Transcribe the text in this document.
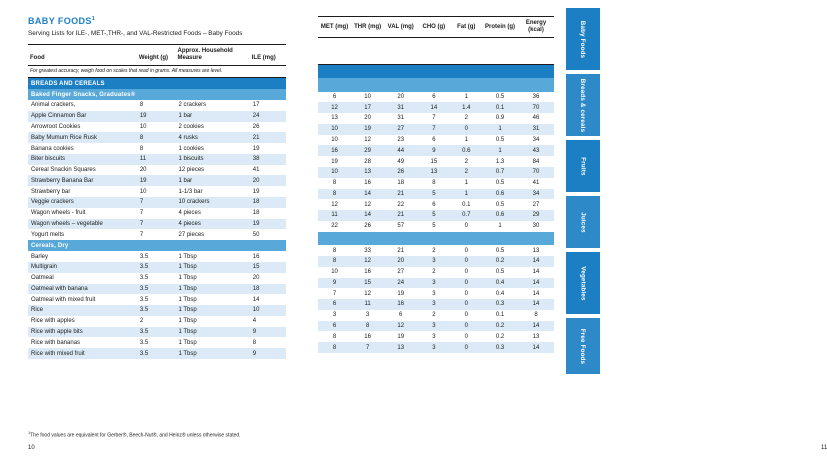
BABY FOODS$^1$
Serving Lists for ILE-, MET-,THR-, and VAL-Restricted Foods – Baby Foods
Food	Weight (g)	Approx. Household Measure	ILE (mg)
For greatest accuracy, weigh food on scales that read in grams. All measures are level.			
BREADS AND CEREALS			
Baked Finger Snacks, Graduates®			
Animal crackers,	8	2 crackers	17
Apple Cinnamon Bar	19	1 bar	24
Arrowroot Cookies	10	2 cookies	26
Baby Mumum Rice Rusk	8	4 rusks	21
Banana cookies	8	1 cookies	19
Biter biscuits	11	1 biscuits	38
Cereal Snackin Squares	20	12 pieces	41
Strawberry Banana Bar	19	1 bar	20
Strawberry bar	10	1-1/3 bar	19
Veggie crackers	7	10 crackers	18
Wagon wheels - fruit	7	4 pieces	18
Wagon wheels – vegetable	7	4 pieces	19
Yogurt melts	7	27 pieces	50
Cereals, Dry			
Barley	3.5	1 Tbsp	16
Multigrain	3.5	1 Tbsp	15
Oatmeal	3.5	1 Tbsp	20
Oatmeal with banana	3.5	1 Tbsp	18
Oatmeal with mixed fruit	3.5	1 Tbsp	14
Rice	3.5	1 Tbsp	10
Rice with apples	2	1 Tbsp	4
Rice with apple bits	3.5	1 Tbsp	9
Rice with bananas	3.5	1 Tbsp	8
Rice with mixed fruit	3.5	1 Tbsp	9
$^1$The food values are equivalent for Gerber®, Beech-Nut®, and Heinz® unless otherwise stated.
10
MET (mg)	THR (mg)	VAL (mg)	CHO (g)	Fat (g)	Protein (g)	Energy (kcal)

6	10	20	6	1	0.5	36
12	17	31	14	1.4	0.1	70
13	20	31	7	2	0.9	46
10	19	27	7	0	1	31
10	12	23	6	1	0.5	34
16	29	44	9	0.6	1	43
19	28	49	15	2	1.3	84
10	13	26	13	2	0.7	70
8	16	18	8	1	0.5	41
8	14	21	5	1	0.6	34
12	12	22	6	0.1	0.5	27
11	14	21	5	0.7	0.6	29
22	26	57	5	0	1	30

8	33	21	2	0	0.5	13
8	12	20	3	0	0.2	14
10	16	27	2	0	0.5	14
9	15	24	3	0	0.4	14
7	12	19	3	0	0.4	14
6	11	16	3	0	0.3	14
3	3	6	2	0	0.1	8
6	8	12	3	0	0.2	14
8	16	19	3	0	0.2	13
8	7	13	3	0	0.3	14
11
Baby Foods
Breads & cereals
Fruits
Juices
Vegetables
Free Foods
